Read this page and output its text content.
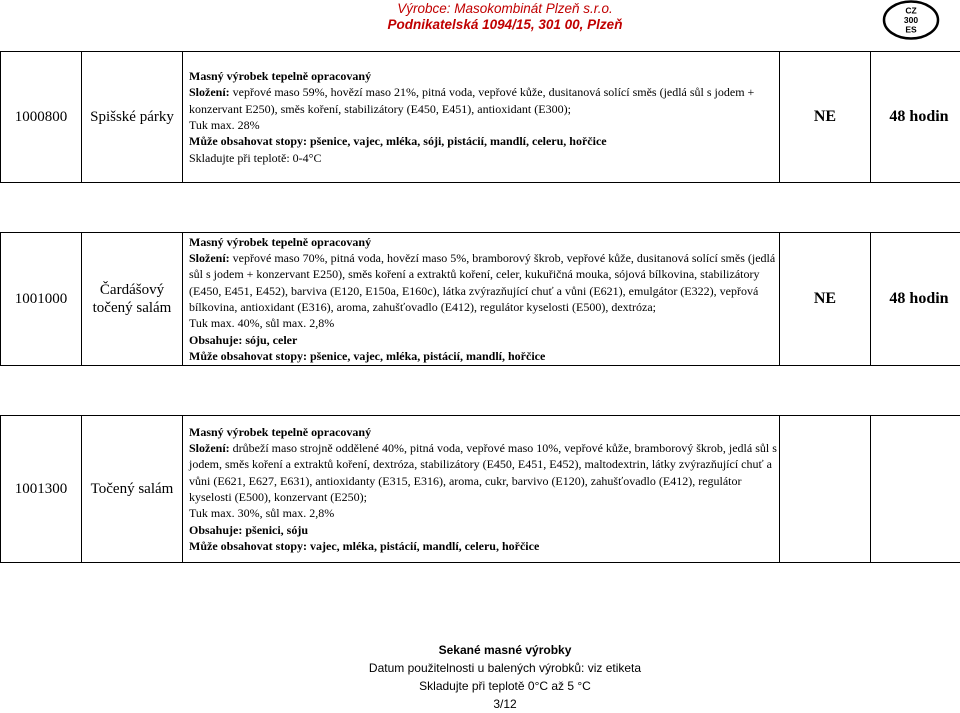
Výrobce: Masokombinát Plzeň s.r.o.
Podnikatelská 1094/15, 301 00, Plzeň
CZ
300
ES
1000800	Spišské párky	Masný výrobek tepelně opracovaný
Složení: vepřové maso 59%, hovězí maso 21%, pitná voda, vepřové kůže, dusitanová solící směs (jedlá sůl s jodem + konzervant E250), směs koření, stabilizátory (E450, E451), antioxidant (E300);
Tuk max. 28%
Může obsahovat stopy: pšenice, vajec, mléka, sóji, pistácií, mandlí, celeru, hořčice
Skladujte při teplotě: 0-4°C	NE	48 hodin

1001000	Čardášový točený salám	Masný výrobek tepelně opracovaný
Složení: vepřové maso 70%, pitná voda, hovězí maso 5%, bramborový škrob, vepřové kůže, dusitanová solící směs (jedlá sůl s jodem + konzervant E250), směs koření a extraktů koření, celer, kukuřičná mouka, sójová bílkovina, stabilizátory (E450, E451, E452), barviva (E120, E150a, E160c), látka zvýrazňující chuť a vůni (E621), emulgátor (E322), vepřová bílkovina, antioxidant (E316), aroma, zahušťovadlo (E412), regulátor kyselosti (E500), dextróza;
Tuk max. 40%, sůl max. 2,8%
Obsahuje: sóju, celer
Může obsahovat stopy: pšenice, vajec, mléka, pistácií, mandlí, hořčice	NE	48 hodin

1001300	Točený salám	Masný výrobek tepelně opracovaný
Složení: drůbeží maso strojně oddělené 40%, pitná voda, vepřové maso 10%, vepřové kůže, bramborový škrob, jedlá sůl s jodem, směs koření a extraktů koření, dextróza, stabilizátory (E450, E451, E452), maltodextrin, látky zvýrazňující chuť a vůni (E621, E627, E631), antioxidanty (E315, E316), aroma, cukr, barvivo (E120), zahušťovadlo (E412), regulátor kyselosti (E500), konzervant (E250);
Tuk max. 30%, sůl max. 2,8%
Obsahuje: pšenici, sóju
Může obsahovat stopy: vajec, mléka, pistácií, mandlí, celeru, hořčice		

Sekané masné výrobky
Datum použitelnosti u balených výrobků: viz etiketa
Skladujte při teplotě 0°C až 5 °C
3/12
